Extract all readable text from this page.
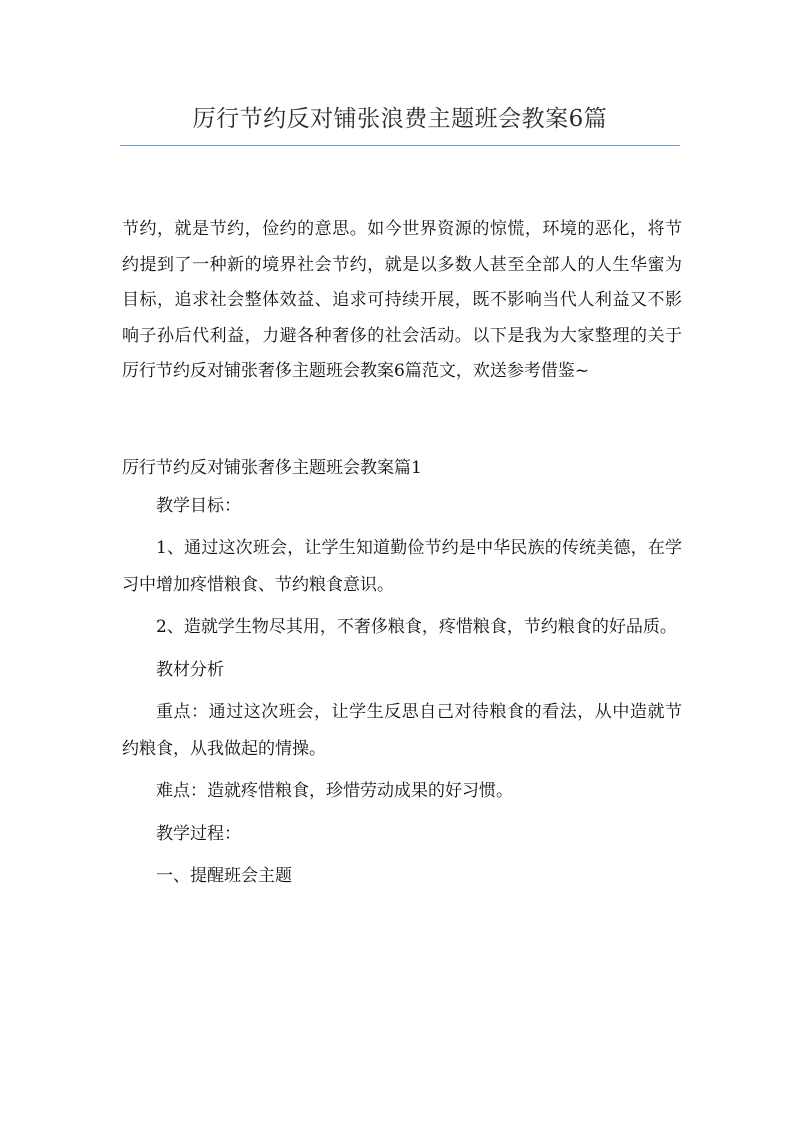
厉行节约反对铺张浪费主题班会教案6篇

节约，就是节约，俭约的意思。如今世界资源的惊慌，环境的恶化，将节约提到了一种新的境界社会节约，就是以多数人甚至全部人的人生华蜜为目标，追求社会整体效益、追求可持续开展，既不影响当代人利益又不影响子孙后代利益，力避各种奢侈的社会活动。以下是我为大家整理的关于厉行节约反对铺张奢侈主题班会教案6篇范文，欢送参考借鉴~

厉行节约反对铺张奢侈主题班会教案篇1

教学目标：

1、通过这次班会，让学生知道勤俭节约是中华民族的传统美德，在学习中增加疼惜粮食、节约粮食意识。

2、造就学生物尽其用，不奢侈粮食，疼惜粮食，节约粮食的好品质。

教材分析

重点：通过这次班会，让学生反思自己对待粮食的看法，从中造就节约粮食，从我做起的情操。

难点：造就疼惜粮食，珍惜劳动成果的好习惯。

教学过程：

一、提醒班会主题
